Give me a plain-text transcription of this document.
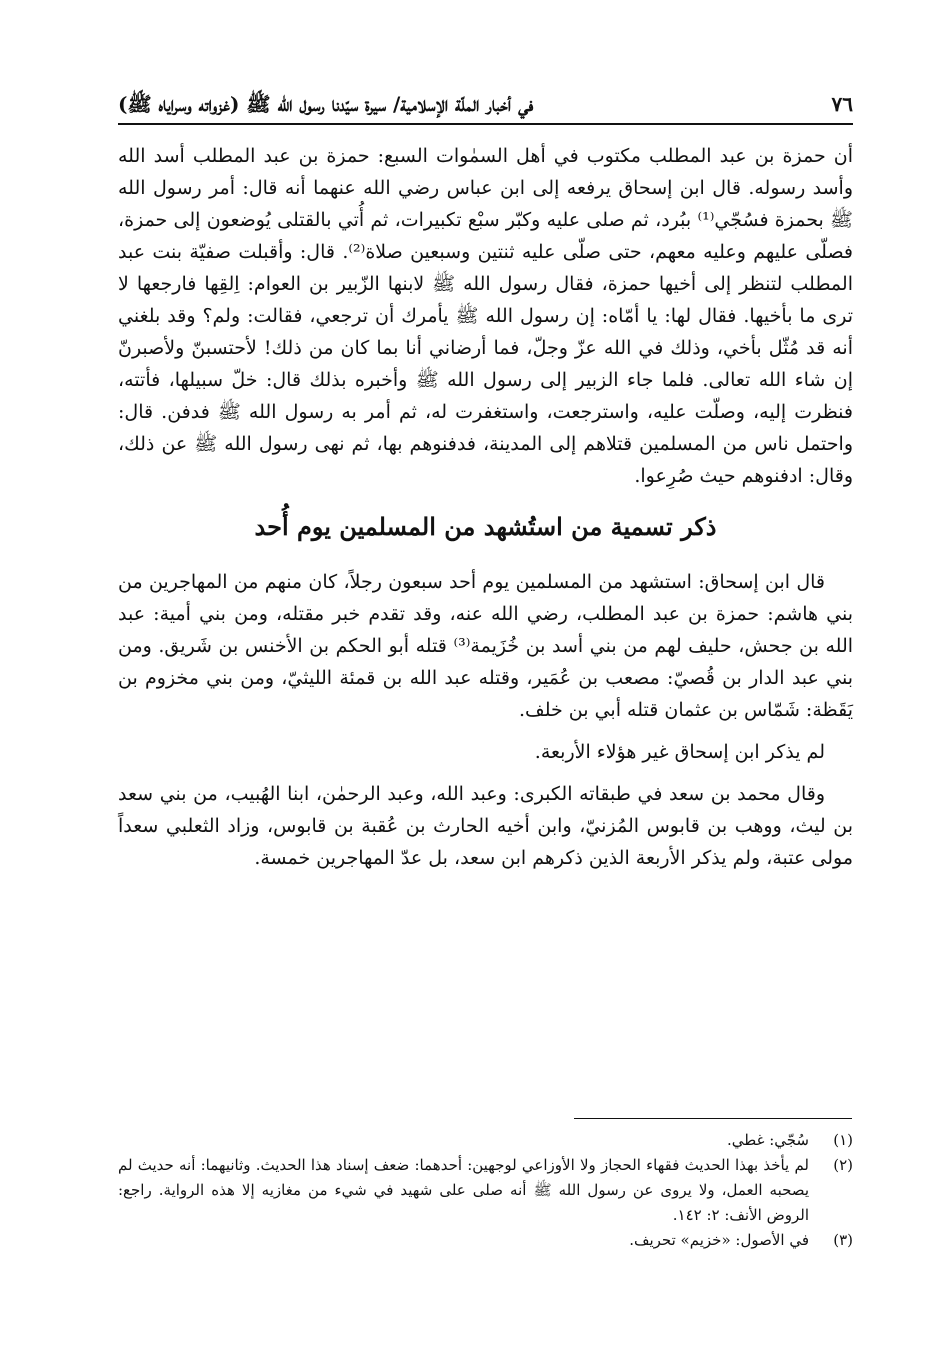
٧٦
في أخبار الملّة الإسلامية/ سيرة سيّدنا رسول الله ﷺ (غزواته وسراياه ﷺ)

أن حمزة بن عبد المطلب مكتوب في أهل السمٰوات السبع: حمزة بن عبد المطلب أسد الله وأسد رسوله. قال ابن إسحاق يرفعه إلى ابن عباس رضي الله عنهما أنه قال: أمر رسول الله ﷺ بحمزة فسُجّي⁽¹⁾ ببُرد، ثم صلى عليه وكبّر سبْع تكبيرات، ثم أُتي بالقتلى يُوضعون إلى حمزة، فصلّى عليهم وعليه معهم، حتى صلّى عليه ثنتين وسبعين صلاة⁽²⁾. قال: وأقبلت صفيّة بنت عبد المطلب لتنظر إلى أخيها حمزة، فقال رسول الله ﷺ لابنها الزّبير بن العوام: اِلقِها فارجعها لا ترى ما بأخيها. فقال لها: يا أمّاه: إن رسول الله ﷺ يأمرك أن ترجعي، فقالت: ولم؟ وقد بلغني أنه قد مُثّل بأخي، وذلك في الله عزّ وجلّ، فما أرضاني أنا بما كان من ذلك! لأحتسبنّ ولأصبرنّ إن شاء الله تعالى. فلما جاء الزبير إلى رسول الله ﷺ وأخبره بذلك قال: خلّ سبيلها، فأتته، فنظرت إليه، وصلّت عليه، واسترجعت، واستغفرت له، ثم أمر به رسول الله ﷺ فدفن. قال: واحتمل ناس من المسلمين قتلاهم إلى المدينة، فدفنوهم بها، ثم نهى رسول الله ﷺ عن ذلك، وقال: ادفنوهم حيث صُرِعوا.

ذكر تسمية من استُشهد من المسلمين يوم أُحد

قال ابن إسحاق: استشهد من المسلمين يوم أحد سبعون رجلاً، كان منهم من المهاجرين من بني هاشم: حمزة بن عبد المطلب، رضي الله عنه، وقد تقدم خبر مقتله، ومن بني أمية: عبد الله بن جحش، حليف لهم من بني أسد بن خُزَيمة⁽³⁾ قتله أبو الحكم بن الأخنس بن شَريق. ومن بني عبد الدار بن قُصيّ: مصعب بن عُمَير، وقتله عبد الله بن قمئة الليثيّ، ومن بني مخزوم بن يَقَظة: شَمّاس بن عثمان قتله أبي بن خلف.

لم يذكر ابن إسحاق غير هؤلاء الأربعة.

وقال محمد بن سعد في طبقاته الكبرى: وعبد الله، وعبد الرحمٰن، ابنا الهُبيب، من بني سعد بن ليث، ووهب بن قابوس المُزنيّ، وابن أخيه الحارث بن عُقبة بن قابوس، وزاد الثعلبي سعداً مولى عتبة، ولم يذكر الأربعة الذين ذكرهم ابن سعد، بل عدّ المهاجرين خمسة.

(١)
سُجّي: غطي.
(٢)
لم يأخذ بهذا الحديث فقهاء الحجاز ولا الأوزاعي لوجهين: أحدهما: ضعف إسناد هذا الحديث. وثانيهما: أنه حديث لم يصحبه العمل، ولا يروى عن رسول الله ﷺ أنه صلى على شهيد في شيء من مغازيه إلا هذه الرواية. راجع: الروض الأنف: ٢: ١٤٢.
(٣)
في الأصول: «خزيم» تحريف.
